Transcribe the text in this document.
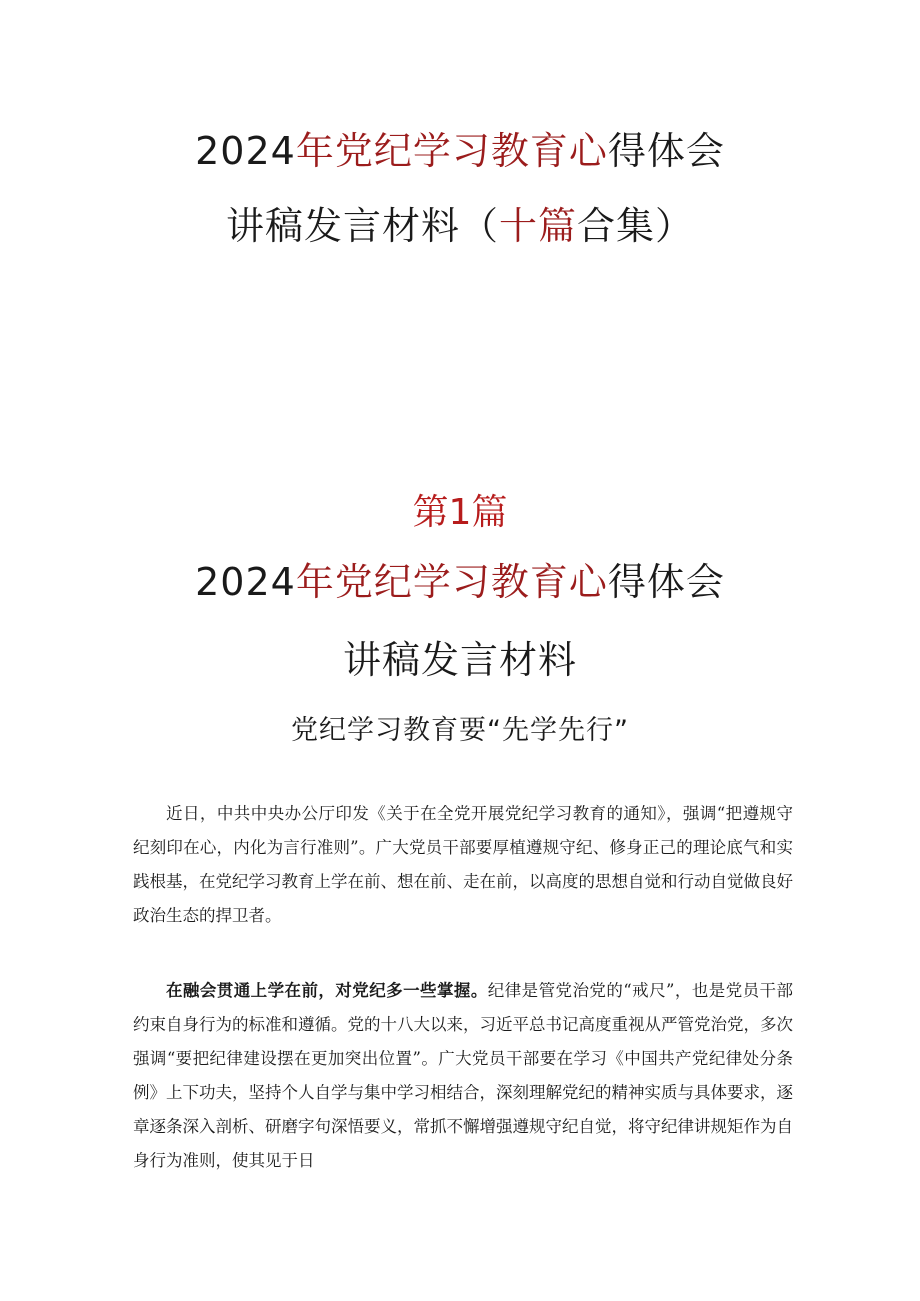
2024年党纪学习教育心得体会
讲稿发言材料（十篇合集）
第1篇
2024年党纪学习教育心得体会
讲稿发言材料
党纪学习教育要“先学先行”

近日，中共中央办公厅印发《关于在全党开展党纪学习教育的通知》，强调“把遵规守纪刻印在心，内化为言行准则”。广大党员干部要厚植遵规守纪、修身正己的理论底气和实践根基，在党纪学习教育上学在前、想在前、走在前，以高度的思想自觉和行动自觉做良好政治生态的捍卫者。

在融会贯通上学在前，对党纪多一些掌握。纪律是管党治党的“戒尺”，也是党员干部约束自身行为的标准和遵循。党的十八大以来，习近平总书记高度重视从严管党治党，多次强调“要把纪律建设摆在更加突出位置”。广大党员干部要在学习《中国共产党纪律处分条例》上下功夫，坚持个人自学与集中学习相结合，深刻理解党纪的精神实质与具体要求，逐章逐条深入剖析、研磨字句深悟要义，常抓不懈增强遵规守纪自觉，将守纪律讲规矩作为自身行为准则，使其见于日
